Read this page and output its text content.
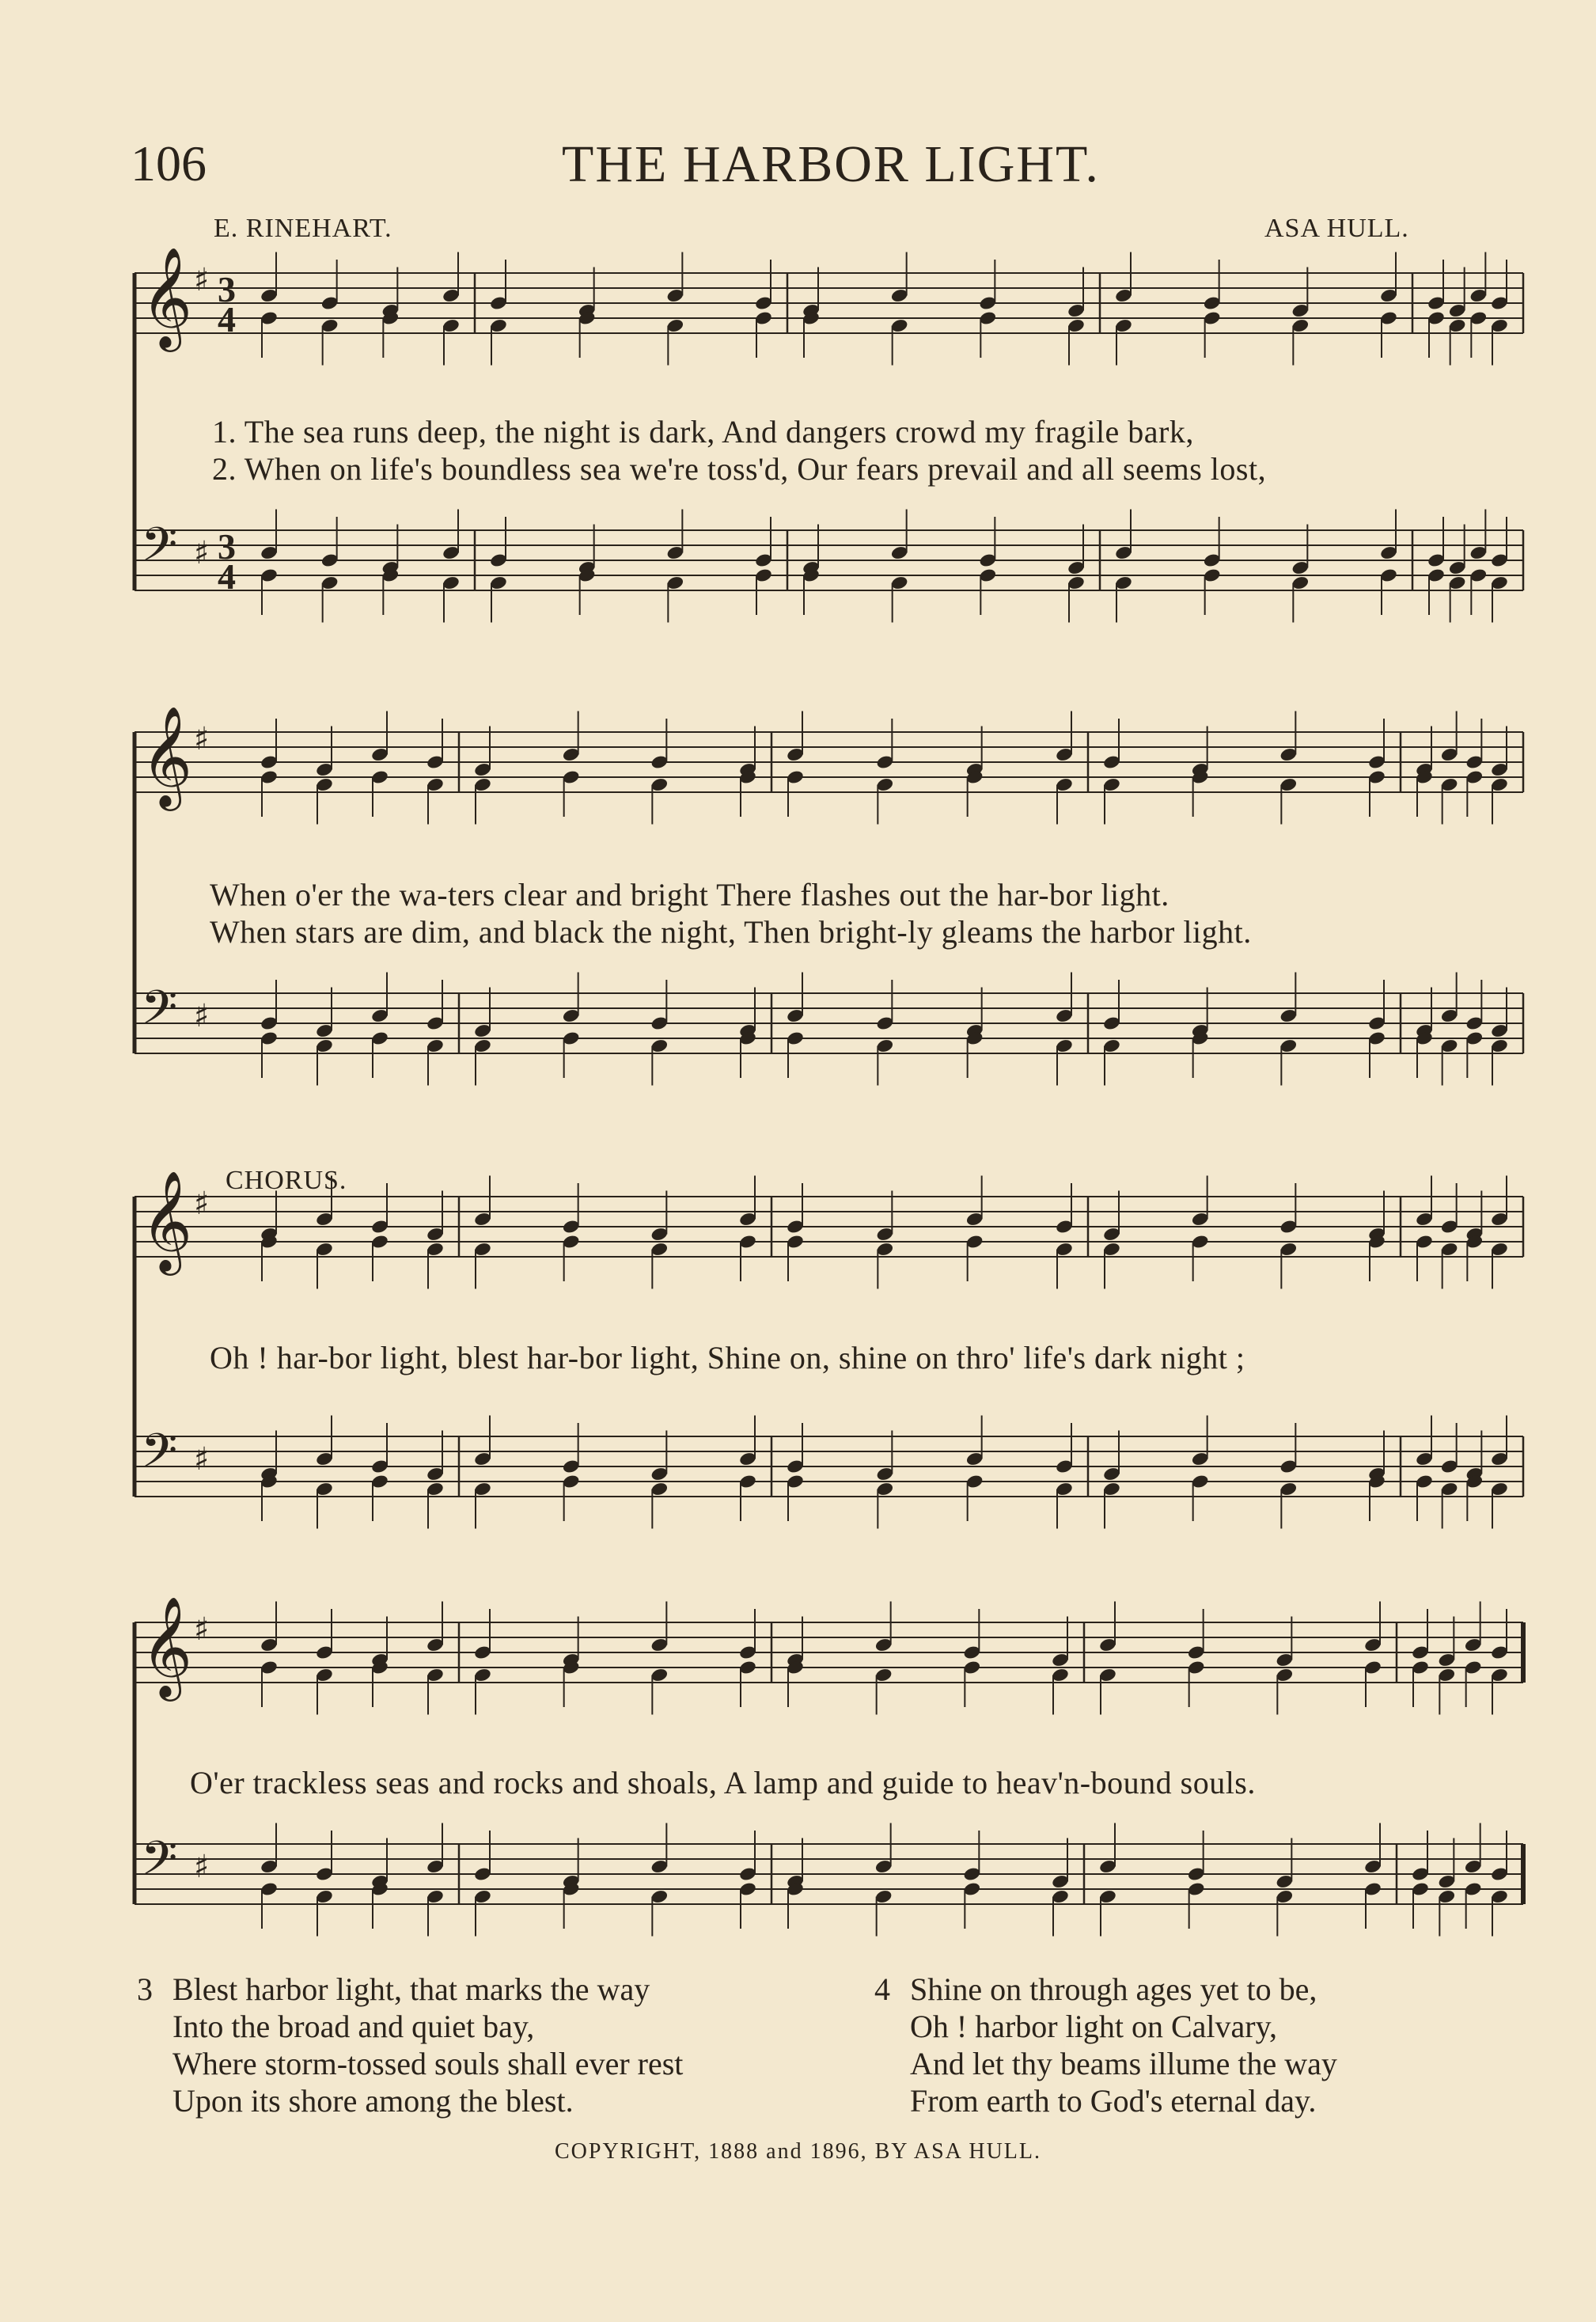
106	THE HARBOR LIGHT.
E. RINEHART.	ASA HULL.
𝄞 ♯ 3
4
𝄢 ♯ 3
4
𝄞 ♯
𝄢 ♯
𝄞 ♯
𝄢 ♯
𝄞 ♯
𝄢 ♯
1. The sea runs deep, the night is dark, And dangers crowd my fragile bark,
2. When on life's boundless sea we're toss'd, Our fears prevail and all seems lost,
When o'er the wa-ters clear and bright There flashes out the har-bor light.
When stars are dim, and black the night, Then bright-ly gleams the harbor light.
CHORUS.
Oh ! har-bor light, blest har-bor light, Shine on, shine on thro' life's dark night ;
O'er trackless seas and rocks and shoals, A lamp and guide to heav'n-bound souls.
3 Blest harbor light, that marks the way
Into the broad and quiet bay,
Where storm-tossed souls shall ever rest
Upon its shore among the blest.
4 Shine on through ages yet to be,
Oh ! harbor light on Calvary,
And let thy beams illume the way
From earth to God's eternal day.
COPYRIGHT, 1888 and 1896, BY ASA HULL.
